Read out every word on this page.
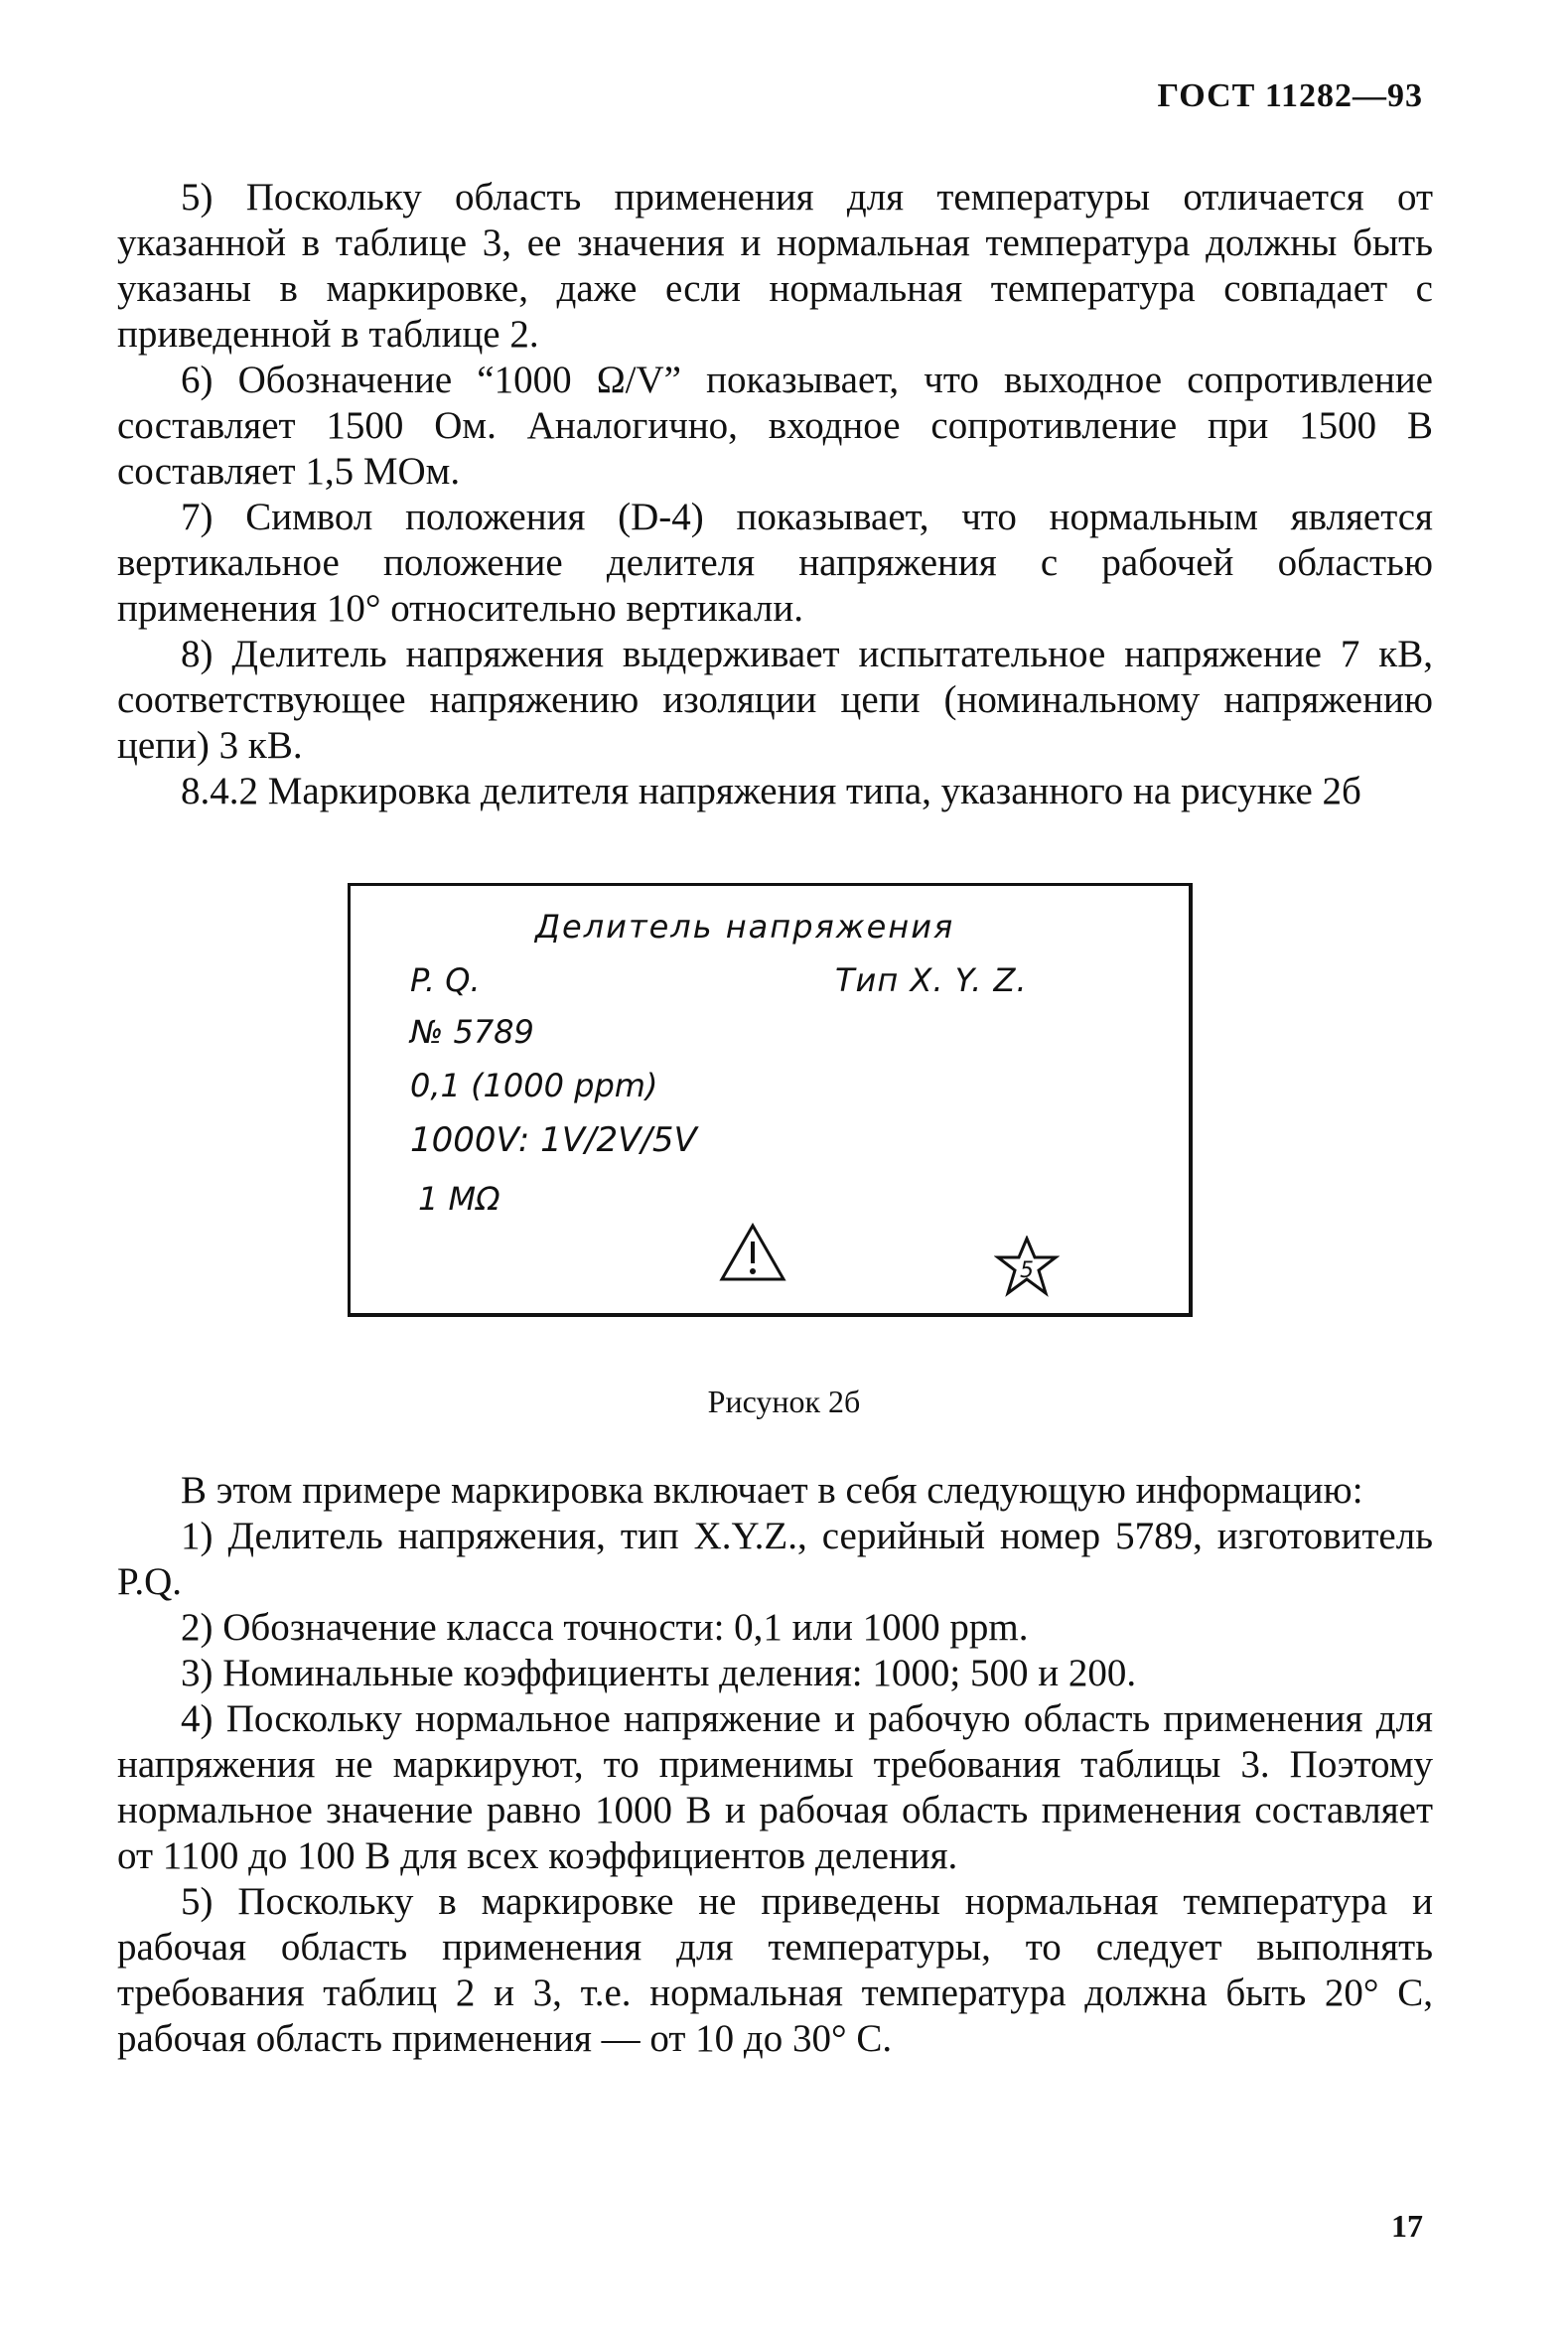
ГОСТ 11282—93

5) Поскольку область применения для температуры отличается от указанной в таблице 3, ее значения и нормальная температура должны быть указаны в маркировке, даже если нормальная температура совпадает с приведенной в таблице 2.

6) Обозначение “1000 Ω/V” показывает, что выходное сопротивление составляет 1500 Ом. Аналогично, входное сопротивление при 1500 В составляет 1,5 МОм.

7) Символ положения (D-4) показывает, что нормальным является вертикальное положение делителя напряжения с рабочей областью применения 10° относительно вертикали.

8) Делитель напряжения выдерживает испытательное напряжение 7 кВ, соответствующее напряжению изоляции цепи (номинальному напряжению цепи) 3 кВ.

8.4.2 Маркировка делителя напряжения типа, указанного на рисунке 2б

Делитель напряжения
P. Q.	Тип X. Y. Z.
№ 5789
0,1 (1000 ppm)
1000V: 1V/2V/5V
1 MΩ
5
Рисунок 2б

В этом примере маркировка включает в себя следующую информацию:

1) Делитель напряжения, тип X.Y.Z., серийный номер 5789, изготовитель P.Q.

2) Обозначение класса точности: 0,1 или 1000 ppm.

3) Номинальные коэффициенты деления: 1000; 500 и 200.

4) Поскольку нормальное напряжение и рабочую область применения для напряжения не маркируют, то применимы требования таблицы 3. Поэтому нормальное значение равно 1000 В и рабочая область применения составляет от 1100 до 100 В для всех коэффициентов деления.

5) Поскольку в маркировке не приведены нормальная температура и рабочая область применения для температуры, то следует выполнять требования таблиц 2 и 3, т.е. нормальная температура должна быть 20° С, рабочая область применения — от 10 до 30° С.

17
